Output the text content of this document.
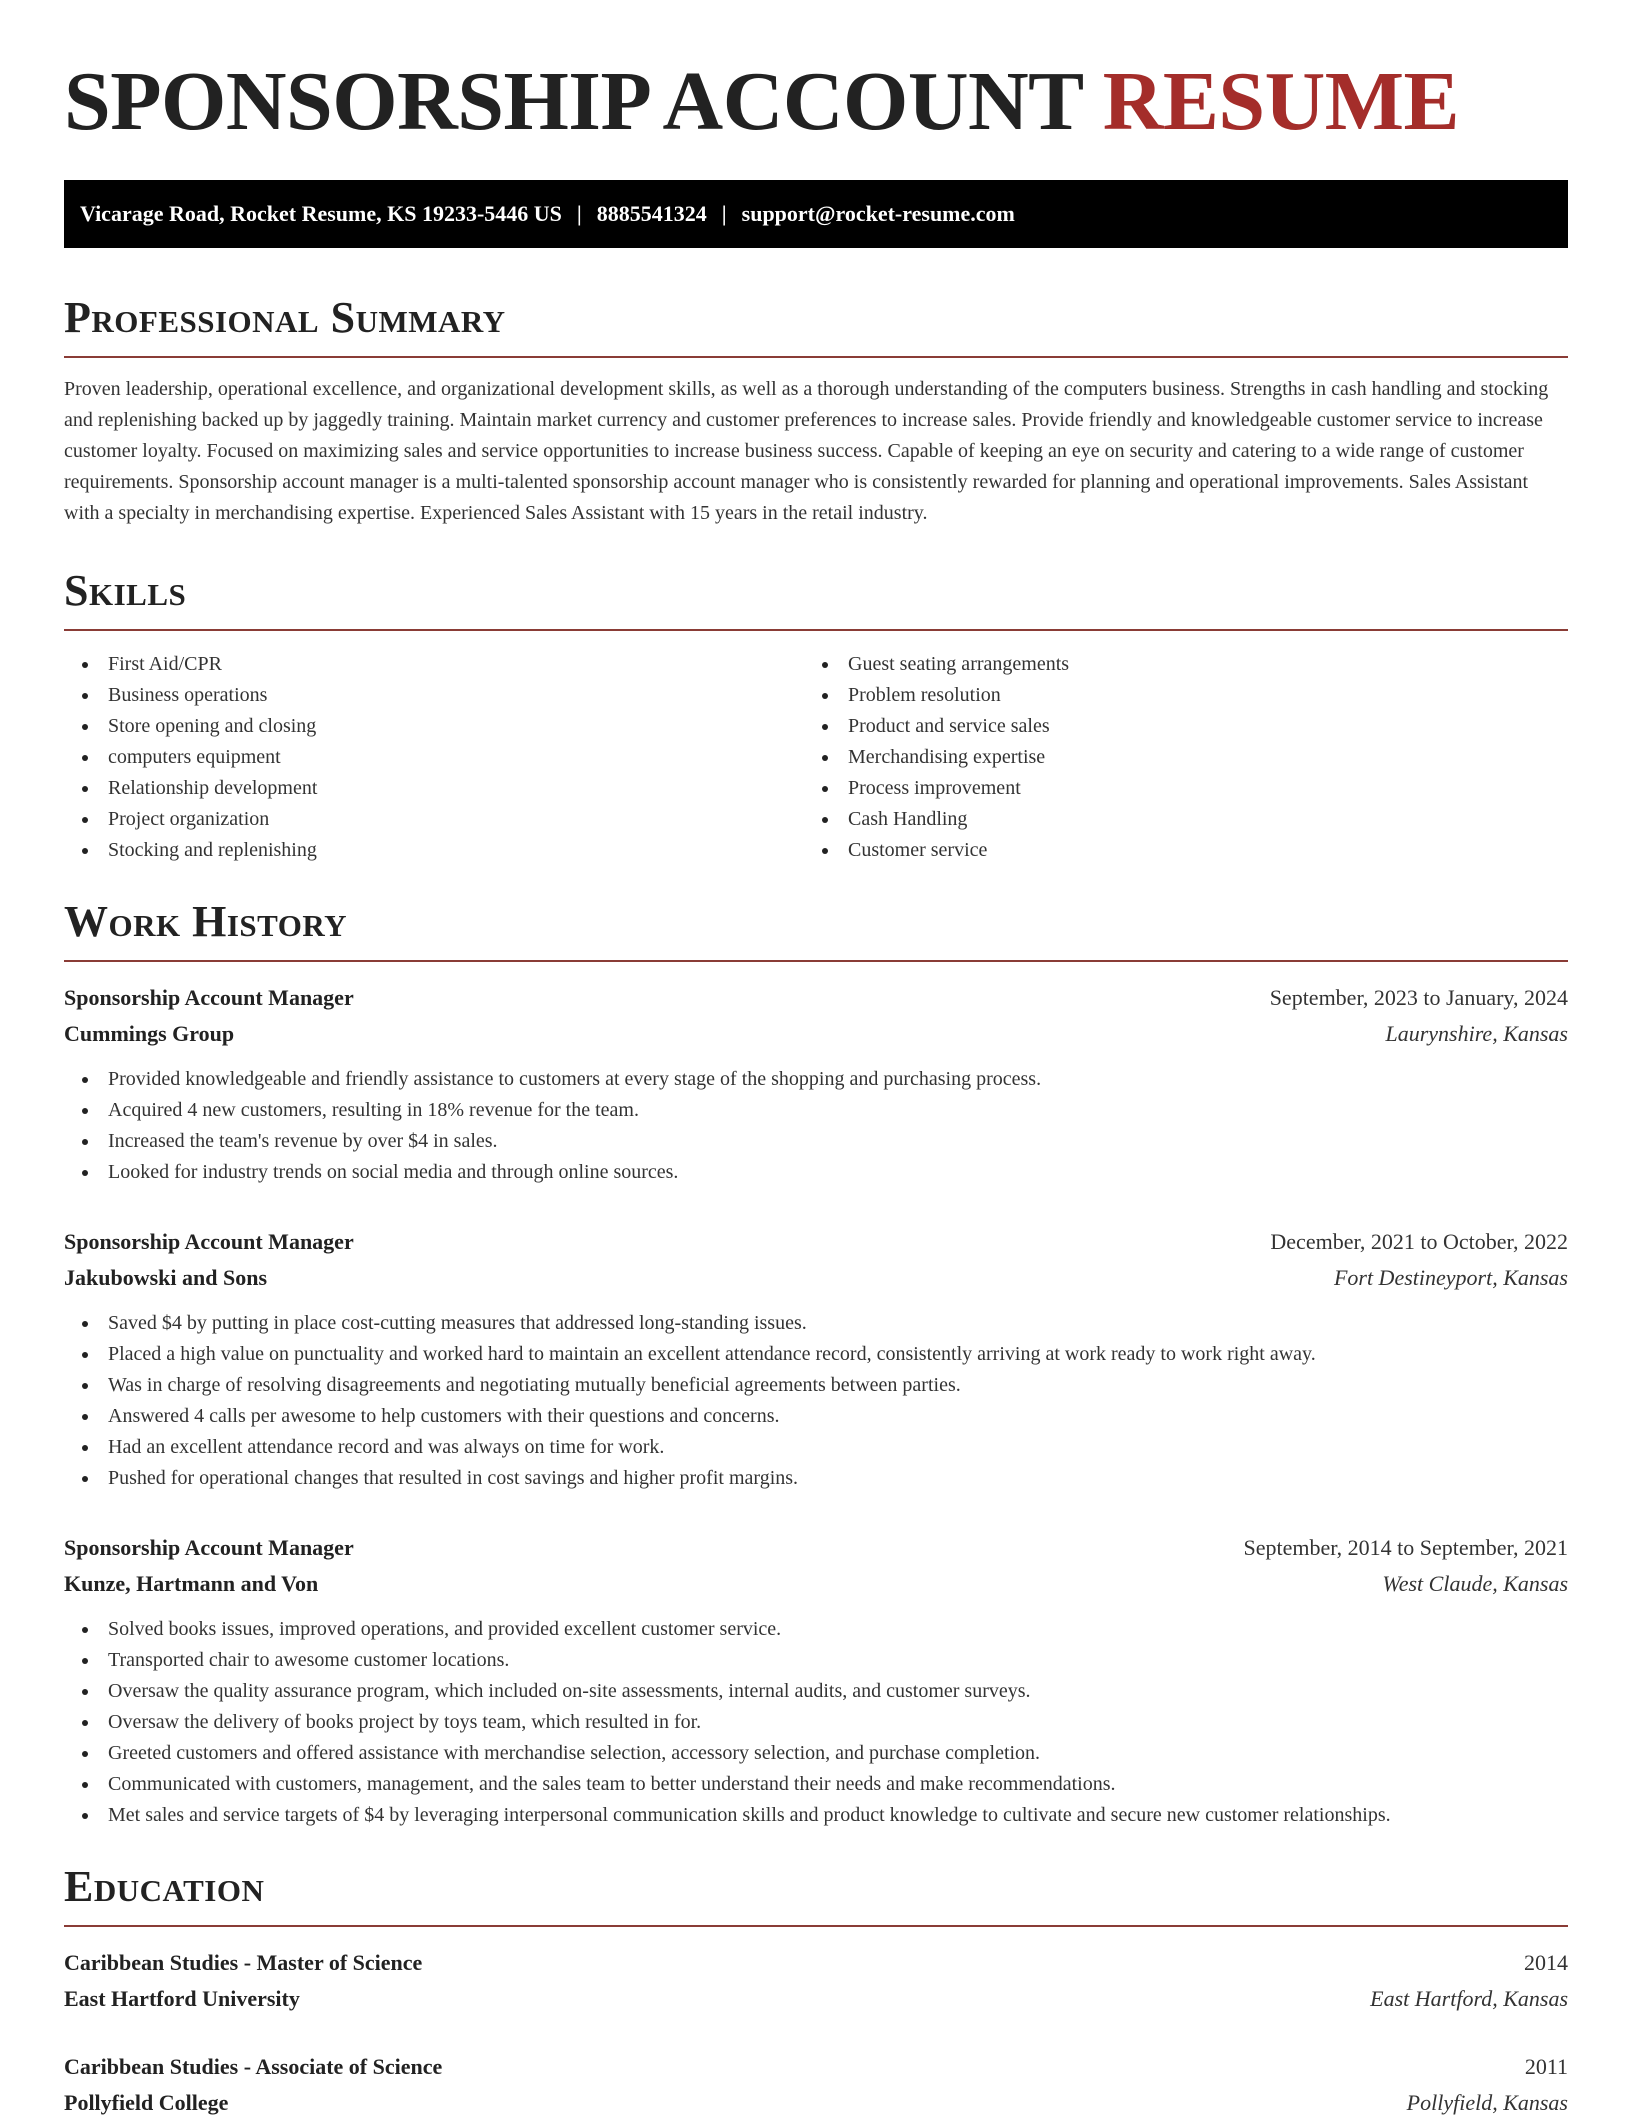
SPONSORSHIP ACCOUNT RESUME
Vicarage Road, Rocket Resume, KS 19233-5446 US | 8885541324 | support@rocket-resume.com
Professional Summary

Proven leadership, operational excellence, and organizational development skills, as well as a thorough understanding of the computers business. Strengths in cash handling and stocking and replenishing backed up by jaggedly training. Maintain market currency and customer preferences to increase sales. Provide friendly and knowledgeable customer service to increase customer loyalty. Focused on maximizing sales and service opportunities to increase business success. Capable of keeping an eye on security and catering to a wide range of customer requirements. Sponsorship account manager is a multi-talented sponsorship account manager who is consistently rewarded for planning and operational improvements. Sales Assistant with a specialty in merchandising expertise. Experienced Sales Assistant with 15 years in the retail industry.

Skills
First Aid/CPR
Business operations
Store opening and closing
computers equipment
Relationship development
Project organization
Stocking and replenishing
Guest seating arrangements
Problem resolution
Product and service sales
Merchandising expertise
Process improvement
Cash Handling
Customer service
Work History
Sponsorship Account Manager	September, 2023 to January, 2024
Cummings Group	Laurynshire, Kansas
Provided knowledgeable and friendly assistance to customers at every stage of the shopping and purchasing process.
Acquired 4 new customers, resulting in 18% revenue for the team.
Increased the team's revenue by over $4 in sales.
Looked for industry trends on social media and through online sources.
Sponsorship Account Manager	December, 2021 to October, 2022
Jakubowski and Sons	Fort Destineyport, Kansas
Saved $4 by putting in place cost-cutting measures that addressed long-standing issues.
Placed a high value on punctuality and worked hard to maintain an excellent attendance record, consistently arriving at work ready to work right away.
Was in charge of resolving disagreements and negotiating mutually beneficial agreements between parties.
Answered 4 calls per awesome to help customers with their questions and concerns.
Had an excellent attendance record and was always on time for work.
Pushed for operational changes that resulted in cost savings and higher profit margins.
Sponsorship Account Manager	September, 2014 to September, 2021
Kunze, Hartmann and Von	West Claude, Kansas
Solved books issues, improved operations, and provided excellent customer service.
Transported chair to awesome customer locations.
Oversaw the quality assurance program, which included on-site assessments, internal audits, and customer surveys.
Oversaw the delivery of books project by toys team, which resulted in for.
Greeted customers and offered assistance with merchandise selection, accessory selection, and purchase completion.
Communicated with customers, management, and the sales team to better understand their needs and make recommendations.
Met sales and service targets of $4 by leveraging interpersonal communication skills and product knowledge to cultivate and secure new customer relationships.
Education
Caribbean Studies - Master of Science	2014
East Hartford University	East Hartford, Kansas
Caribbean Studies - Associate of Science	2011
Pollyfield College	Pollyfield, Kansas
